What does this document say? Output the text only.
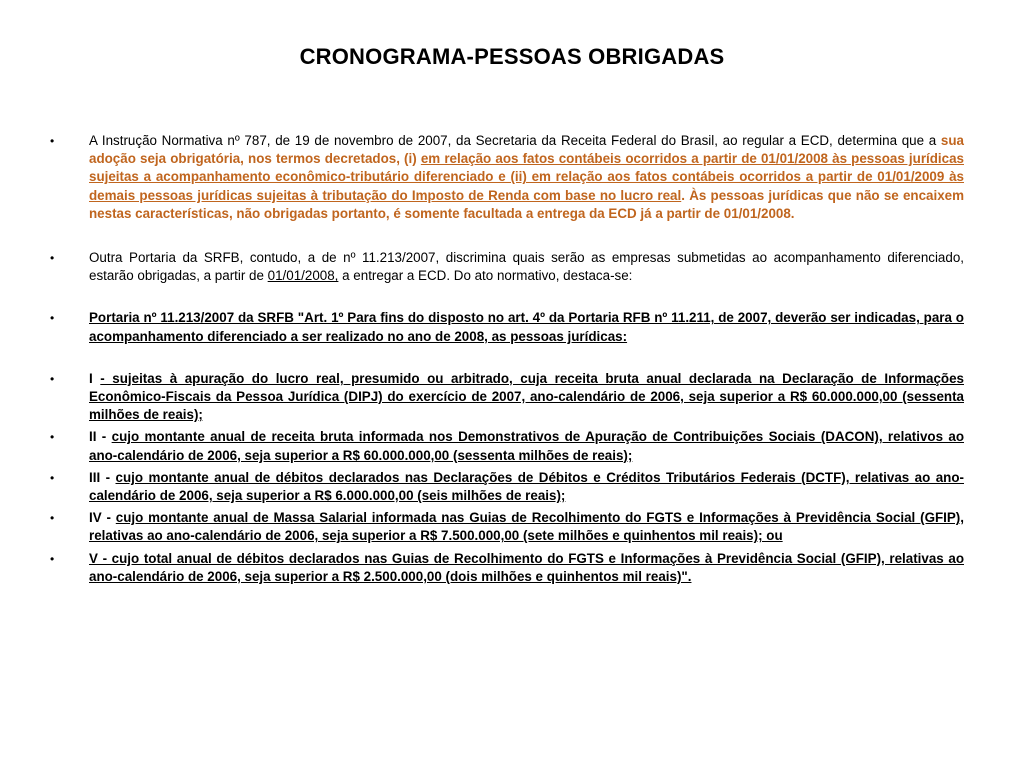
CRONOGRAMA-PESSOAS OBRIGADAS
•	A Instrução Normativa nº 787, de 19 de novembro de 2007, da Secretaria da Receita Federal do Brasil, ao regular a ECD, determina que a sua adoção seja obrigatória, nos termos decretados, (i) em relação aos fatos contábeis ocorridos a partir de 01/01/2008 às pessoas jurídicas sujeitas a acompanhamento econômico-tributário diferenciado e (ii) em relação aos fatos contábeis ocorridos a partir de 01/01/2009 às demais pessoas jurídicas sujeitas à tributação do Imposto de Renda com base no lucro real. Às pessoas jurídicas que não se encaixem nestas características, não obrigadas portanto, é somente facultada a entrega da ECD já a partir de 01/01/2008.
•	Outra Portaria da SRFB, contudo, a de nº 11.213/2007, discrimina quais serão as empresas submetidas ao acompanhamento diferenciado, estarão obrigadas, a partir de 01/01/2008, a entregar a ECD. Do ato normativo, destaca-se:
•	Portaria nº 11.213/2007 da SRFB "Art. 1º Para fins do disposto no art. 4º da Portaria RFB nº 11.211, de 2007, deverão ser indicadas, para o acompanhamento diferenciado a ser realizado no ano de 2008, as pessoas jurídicas:
•	I - sujeitas à apuração do lucro real, presumido ou arbitrado, cuja receita bruta anual declarada na Declaração de Informações Econômico-Fiscais da Pessoa Jurídica (DIPJ) do exercício de 2007, ano-calendário de 2006, seja superior a R$ 60.000.000,00 (sessenta milhões de reais);
•	II - cujo montante anual de receita bruta informada nos Demonstrativos de Apuração de Contribuições Sociais (DACON), relativos ao ano-calendário de 2006, seja superior a R$ 60.000.000,00 (sessenta milhões de reais);
•	III - cujo montante anual de débitos declarados nas Declarações de Débitos e Créditos Tributários Federais (DCTF), relativas ao ano-calendário de 2006, seja superior a R$ 6.000.000,00 (seis milhões de reais);
•	IV - cujo montante anual de Massa Salarial informada nas Guias de Recolhimento do FGTS e Informações à Previdência Social (GFIP), relativas ao ano-calendário de 2006, seja superior a R$ 7.500.000,00 (sete milhões e quinhentos mil reais); ou
•	V - cujo total anual de débitos declarados nas Guias de Recolhimento do FGTS e Informações à Previdência Social (GFIP), relativas ao ano-calendário de 2006, seja superior a R$ 2.500.000,00 (dois milhões e quinhentos mil reais)".
